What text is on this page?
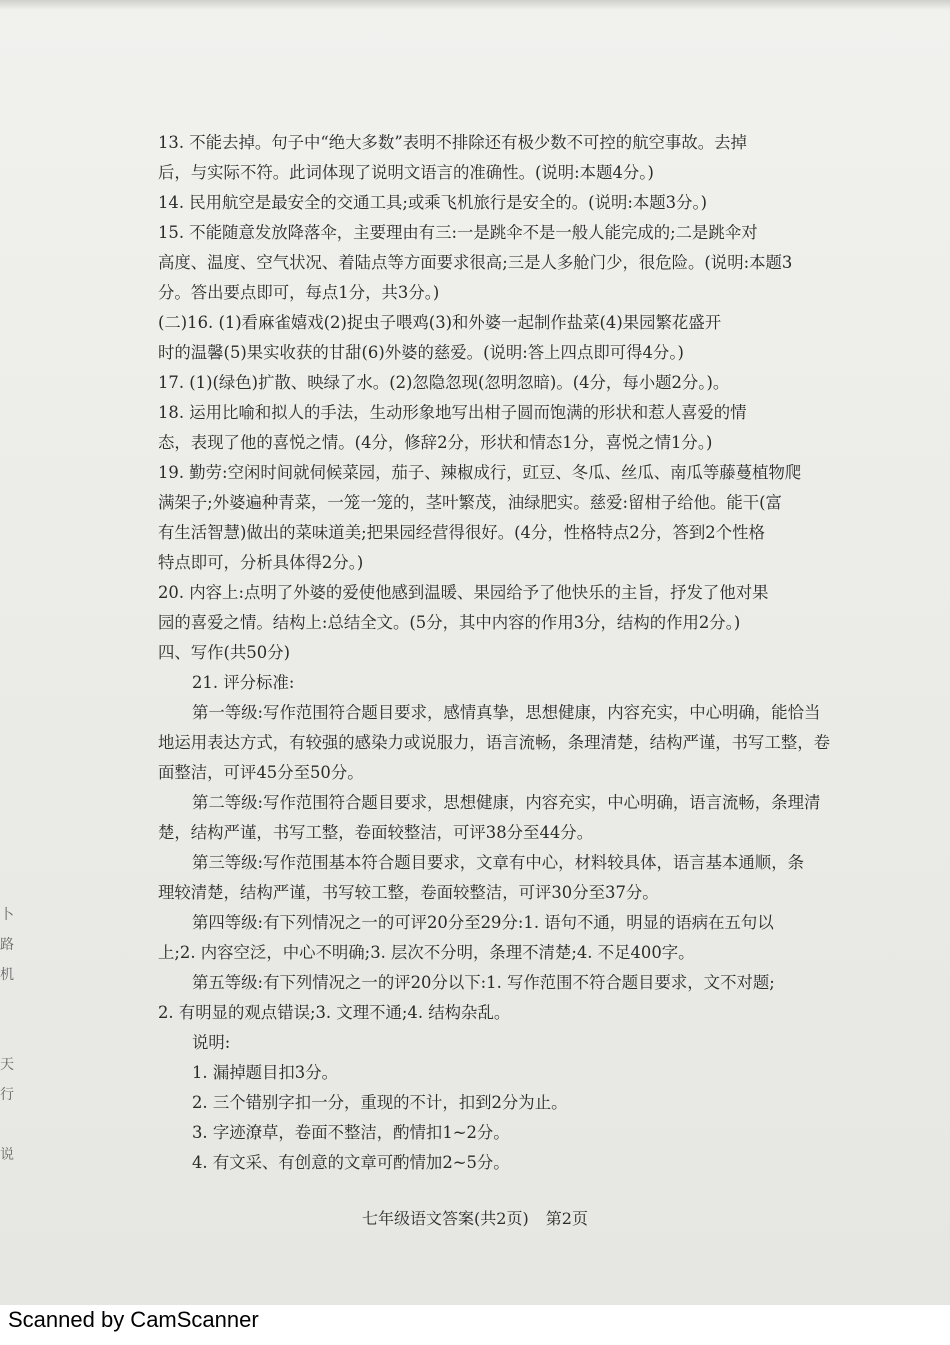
13. 不能去掉。句子中“绝大多数”表明不排除还有极少数不可控的航空事故。去掉
后，与实际不符。此词体现了说明文语言的准确性。(说明:本题4分。)
14. 民用航空是最安全的交通工具;或乘飞机旅行是安全的。(说明:本题3分。)
15. 不能随意发放降落伞，主要理由有三:一是跳伞不是一般人能完成的;二是跳伞对
高度、温度、空气状况、着陆点等方面要求很高;三是人多舱门少，很危险。(说明:本题3
分。答出要点即可，每点1分，共3分。)
(二)16. (1)看麻雀嬉戏(2)捉虫子喂鸡(3)和外婆一起制作盐菜(4)果园繁花盛开
时的温馨(5)果实收获的甘甜(6)外婆的慈爱。(说明:答上四点即可得4分。)
17. (1)(绿色)扩散、映绿了水。(2)忽隐忽现(忽明忽暗)。(4分，每小题2分。)。
18. 运用比喻和拟人的手法，生动形象地写出柑子圆而饱满的形状和惹人喜爱的情
态，表现了他的喜悦之情。(4分，修辞2分，形状和情态1分，喜悦之情1分。)
19. 勤劳:空闲时间就伺候菜园，茄子、辣椒成行，豇豆、冬瓜、丝瓜、南瓜等藤蔓植物爬
满架子;外婆遍种青菜，一笼一笼的，茎叶繁茂，油绿肥实。慈爱:留柑子给他。能干(富
有生活智慧)做出的菜味道美;把果园经营得很好。(4分，性格特点2分，答到2个性格
特点即可，分析具体得2分。)
20. 内容上:点明了外婆的爱使他感到温暖、果园给予了他快乐的主旨，抒发了他对果
园的喜爱之情。结构上:总结全文。(5分，其中内容的作用3分，结构的作用2分。)
四、写作(共50分)
21. 评分标准:
第一等级:写作范围符合题目要求，感情真挚，思想健康，内容充实，中心明确，能恰当
地运用表达方式，有较强的感染力或说服力，语言流畅，条理清楚，结构严谨，书写工整，卷
面整洁，可评45分至50分。
第二等级:写作范围符合题目要求，思想健康，内容充实，中心明确，语言流畅，条理清
楚，结构严谨，书写工整，卷面较整洁，可评38分至44分。
第三等级:写作范围基本符合题目要求，文章有中心，材料较具体，语言基本通顺，条
理较清楚，结构严谨，书写较工整，卷面较整洁，可评30分至37分。
第四等级:有下列情况之一的可评20分至29分:1. 语句不通，明显的语病在五句以
上;2. 内容空泛，中心不明确;3. 层次不分明，条理不清楚;4. 不足400字。
第五等级:有下列情况之一的评20分以下:1. 写作范围不符合题目要求，文不对题;
2. 有明显的观点错误;3. 文理不通;4. 结构杂乱。
说明:
1. 漏掉题目扣3分。
2. 三个错别字扣一分，重现的不计，扣到2分为止。
3. 字迹潦草，卷面不整洁，酌情扣1~2分。
4. 有文采、有创意的文章可酌情加2~5分。
卜
路
机
天
行
说
七年级语文答案(共2页) 第2页
Scanned by CamScanner
